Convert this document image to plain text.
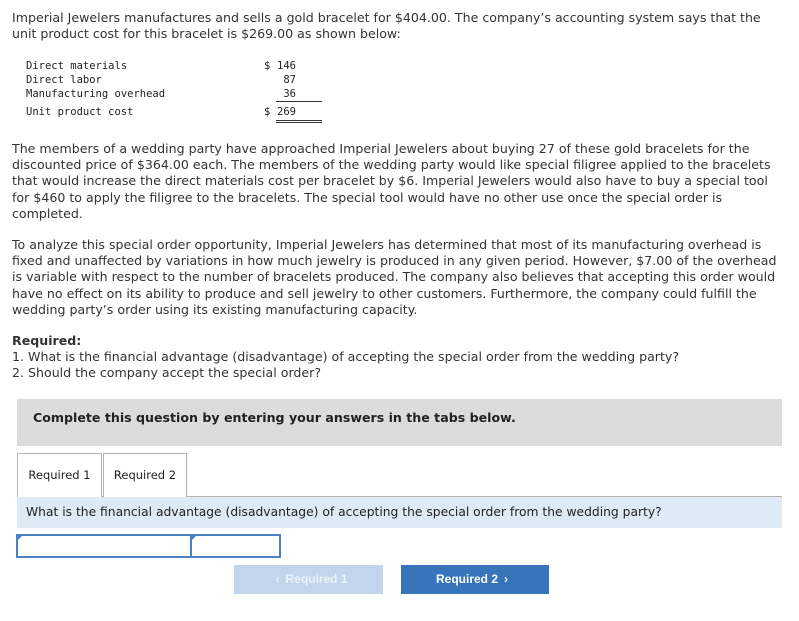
Imperial Jewelers manufactures and sells a gold bracelet for $404.00. The company’s accounting system says that the unit product cost for this bracelet is $269.00 as shown below:

Direct materials	$ 146
Direct labor	87
Manufacturing overhead	36
Unit product cost	$ 269

The members of a wedding party have approached Imperial Jewelers about buying 27 of these gold bracelets for the discounted price of $364.00 each. The members of the wedding party would like special filigree applied to the bracelets that would increase the direct materials cost per bracelet by $6. Imperial Jewelers would also have to buy a special tool for $460 to apply the filigree to the bracelets. The special tool would have no other use once the special order is completed.

To analyze this special order opportunity, Imperial Jewelers has determined that most of its manufacturing overhead is fixed and unaffected by variations in how much jewelry is produced in any given period. However, $7.00 of the overhead is variable with respect to the number of bracelets produced. The company also believes that accepting this order would have no effect on its ability to produce and sell jewelry to other customers. Furthermore, the company could fulfill the wedding party’s order using its existing manufacturing capacity.

Required:
1. What is the financial advantage (disadvantage) of accepting the special order from the wedding party?
2. Should the company accept the special order?
Complete this question by entering your answers in the tabs below.
Required 1	Required 2
What is the financial advantage (disadvantage) of accepting the special order from the wedding party?
‹ Required 1	Required 2 ›
